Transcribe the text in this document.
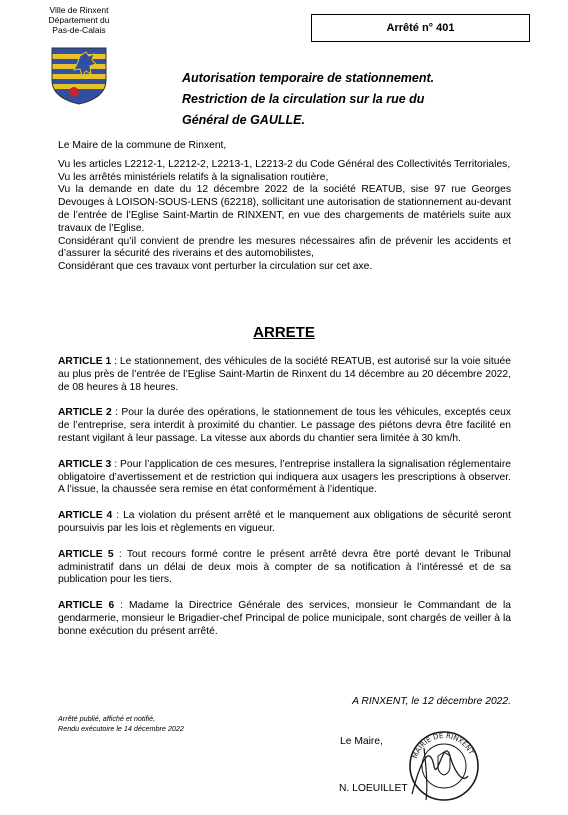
Ville de Rinxent
Département du
Pas-de-Calais	Arrêté n° 401
Autorisation temporaire de stationnement.
Restriction de la circulation sur la rue du
Général de GAULLE.

Le Maire de la commune de Rinxent,

Vu les articles L2212-1, L2212-2, L2213-1, L2213-2 du Code Général des Collectivités Territoriales,

Vu les arrêtés ministériels relatifs à la signalisation routière,

Vu la demande en date du 12 décembre 2022 de la société REATUB, sise 97 rue Georges Devouges à LOISON-SOUS-LENS (62218), sollicitant une autorisation de stationnement au-devant de l’entrée de l’Eglise Saint-Martin de RINXENT, en vue des chargements de matériels suite aux travaux de l’Eglise.

Considérant qu’il convient de prendre les mesures nécessaires afin de prévenir les accidents et d’assurer la sécurité des riverains et des automobilistes,

Considérant que ces travaux vont perturber la circulation sur cet axe.

ARRETE

ARTICLE 1 : Le stationnement, des véhicules de la société REATUB, est autorisé sur la voie située au plus près de l’entrée de l’Eglise Saint-Martin de Rinxent du 14 décembre au 20 décembre 2022, de 08 heures à 18 heures.

ARTICLE 2 : Pour la durée des opérations, le stationnement de tous les véhicules, exceptés ceux de l’entreprise, sera interdit à proximité du chantier. Le passage des piétons devra être facilité en restant vigilant à leur passage. La vitesse aux abords du chantier sera limitée à 30 km/h.

ARTICLE 3 : Pour l’application de ces mesures, l’entreprise installera la signalisation réglementaire obligatoire d’avertissement et de restriction qui indiquera aux usagers les prescriptions à observer. A l’issue, la chaussée sera remise en état conformément à l’identique.

ARTICLE 4 : La violation du présent arrêté et le manquement aux obligations de sécurité seront poursuivis par les lois et règlements en vigueur.

ARTICLE 5 : Tout recours formé contre le présent arrêté devra être porté devant le Tribunal administratif dans un délai de deux mois à compter de sa notification à l’intéressé et de sa publication pour les tiers.

ARTICLE 6 : Madame la Directrice Générale des services, monsieur le Commandant de la gendarmerie, monsieur le Brigadier-chef Principal de police municipale, sont chargés de veiller à la bonne exécution du présent arrêté.

A RINXENT, le 12 décembre 2022.
Arrêté publié, affiché et notifié,
Rendu exécutoire le 14 décembre 2022
Le Maire,
MAIRIE DE RINXENT
N. LOEUILLET
